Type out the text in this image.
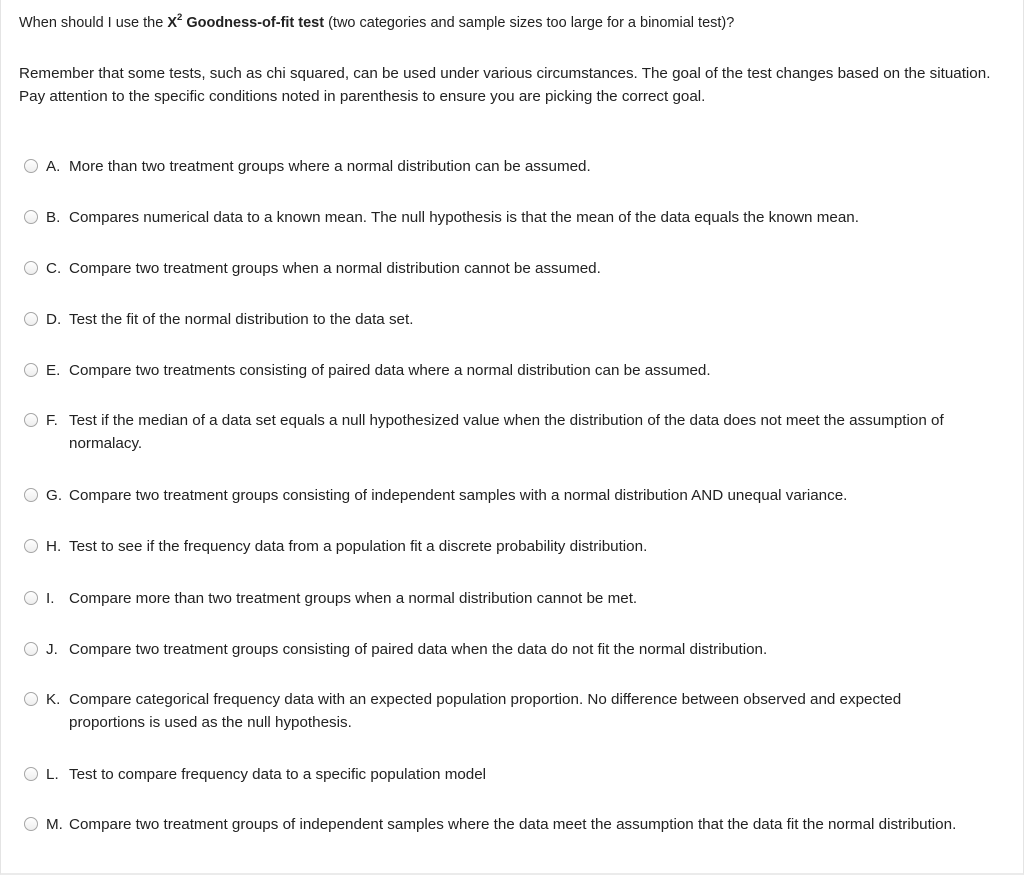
When should I use the $X^2$ Goodness-of-fit test (two categories and sample sizes too large for a binomial test)?
Remember that some tests, such as chi squared, can be used under various circumstances. The goal of the test changes based on the situation. Pay attention to the specific conditions noted in parenthesis to ensure you are picking the correct goal.
A. More than two treatment groups where a normal distribution can be assumed.
B. Compares numerical data to a known mean. The null hypothesis is that the mean of the data equals the known mean.
C. Compare two treatment groups when a normal distribution cannot be assumed.
D. Test the fit of the normal distribution to the data set.
E. Compare two treatments consisting of paired data where a normal distribution can be assumed.
F. Test if the median of a data set equals a null hypothesized value when the distribution of the data does not meet the assumption of normalacy.
G. Compare two treatment groups consisting of independent samples with a normal distribution AND unequal variance.
H. Test to see if the frequency data from a population fit a discrete probability distribution.
I. Compare more than two treatment groups when a normal distribution cannot be met.
J. Compare two treatment groups consisting of paired data when the data do not fit the normal distribution.
K. Compare categorical frequency data with an expected population proportion. No difference between observed and expected proportions is used as the null hypothesis.
L. Test to compare frequency data to a specific population model
M. Compare two treatment groups of independent samples where the data meet the assumption that the data fit the normal distribution.
